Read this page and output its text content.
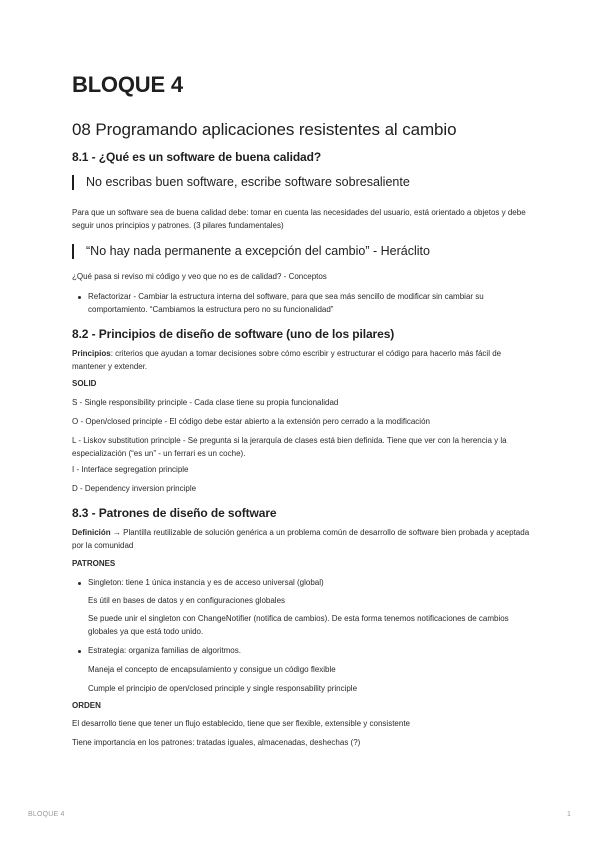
BLOQUE 4
08 Programando aplicaciones resistentes al cambio
8.1 - ¿Qué es un software de buena calidad?
No escribas buen software, escribe software sobresaliente

Para que un software sea de buena calidad debe: tomar en cuenta las necesidades del usuario, está orientado a objetos y debe seguir unos principios y patrones. (3 pilares fundamentales)

“No hay nada permanente a excepción del cambio” - Heráclito

¿Qué pasa si reviso mi código y veo que no es de calidad? - Conceptos

Refactorizar - Cambiar la estructura interna del software, para que sea más sencillo de modificar sin cambiar su comportamiento. “Cambiamos la estructura pero no su funcionalidad”

8.2 - Principios de diseño de software (uno de los pilares)

Principios: criterios que ayudan a tomar decisiones sobre cómo escribir y estructurar el código para hacerlo más fácil de mantener y extender.

SOLID

S - Single responsibility principle - Cada clase tiene su propia funcionalidad

O - Open/closed principle - El código debe estar abierto a la extensión pero cerrado a la modificación

L - Liskov substitution principle - Se pregunta si la jerarquía de clases está bien definida. Tiene que ver con la herencia y la especialización (“es un” - un ferrari es un coche).

I - Interface segregation principle

D - Dependency inversion principle

8.3 - Patrones de diseño de software

Definición → Plantilla reutilizable de solución genérica a un problema común de desarrollo de software bien probada y aceptada por la comunidad

PATRONES

Singleton: tiene 1 única instancia y es de acceso universal (global)

Es útil en bases de datos y en configuraciones globales

Se puede unir el singleton con ChangeNotifier (notifica de cambios). De esta forma tenemos notificaciones de cambios globales ya que está todo unido.

Estrategia: organiza familias de algoritmos.

Maneja el concepto de encapsulamiento y consigue un código flexible

Cumple el principio de open/closed principle y single responsability principle

ORDEN

El desarrollo tiene que tener un flujo establecido, tiene que ser flexible, extensible y consistente

Tiene importancia en los patrones: tratadas iguales, almacenadas, deshechas (?)

BLOQUE 4	1
